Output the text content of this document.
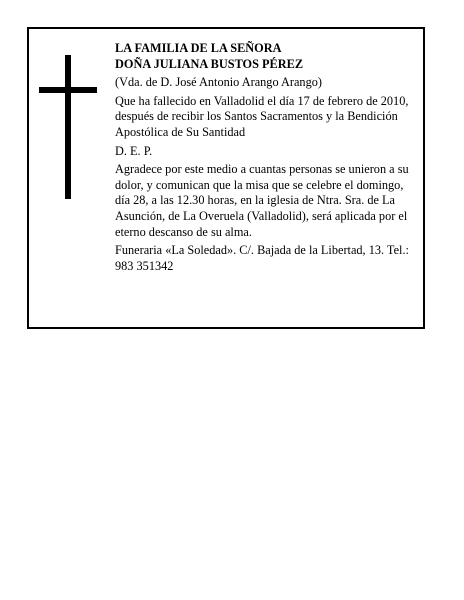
LA FAMILIA DE LA SEÑORA

DOÑA JULIANA BUSTOS PÉREZ

(Vda. de D. José Antonio Arango Arango)

Que ha fallecido en Valladolid el día 17 de febrero de 2010, después de recibir los Santos Sacramentos y la Bendición Apostólica de Su Santidad

D. E. P.

Agradece por este medio a cuantas personas se unieron a su dolor, y comunican que la misa que se celebre el domingo, día 28, a las 12.30 horas, en la iglesia de Ntra. Sra. de La Asunción, de La Overuela (Valladolid), será aplicada por el eterno descanso de su alma.

Funeraria «La Soledad». C/. Bajada de la Libertad, 13. Tel.: 983 351342
